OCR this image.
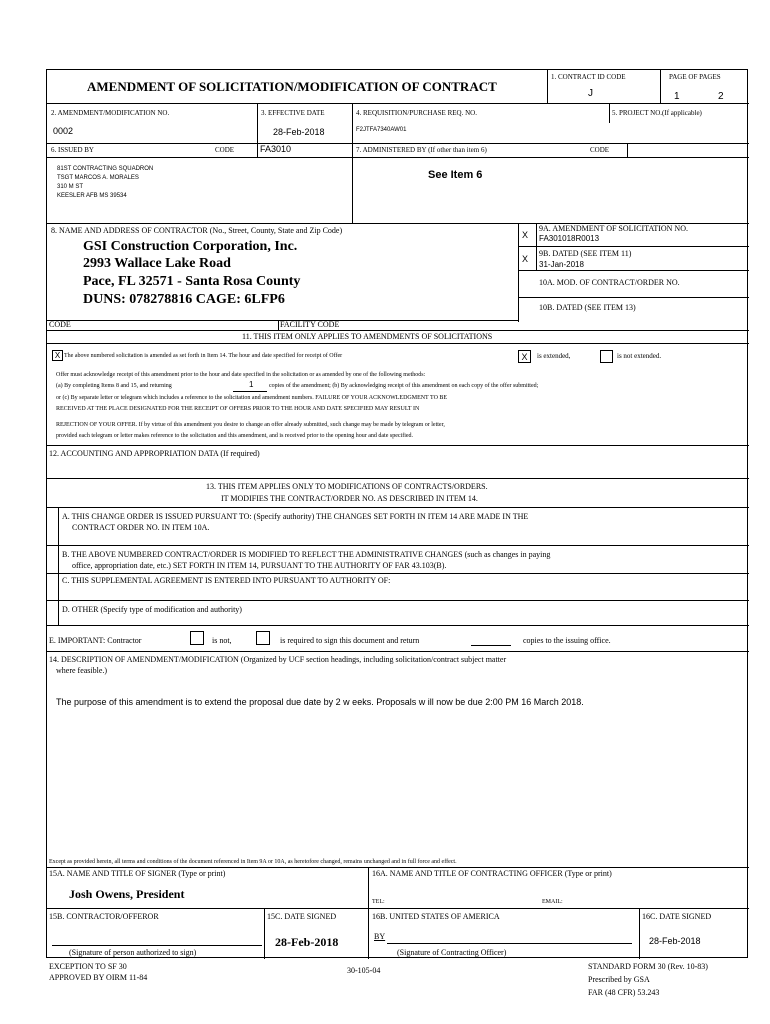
AMENDMENT OF SOLICITATION/MODIFICATION OF CONTRACT
1. CONTRACT ID CODE
J
PAGE OF PAGES
1	2
2. AMENDMENT/MODIFICATION NO.
0002
3. EFFECTIVE DATE
28-Feb-2018
4. REQUISITION/PURCHASE REQ. NO.
F2JTFA7340AW01
5. PROJECT NO.(If applicable)
6. ISSUED BY	CODE	FA3010
81ST CONTRACTING SQUADRON
TSGT MARCOS A. MORALES
310 M ST
KEESLER AFB MS 39534
7. ADMINISTERED BY (If other than item 6)	CODE
See Item 6
8. NAME AND ADDRESS OF CONTRACTOR (No., Street, County, State and Zip Code)
GSI Construction Corporation, Inc.
2993 Wallace Lake Road
Pace, FL 32571 - Santa Rosa County
DUNS: 078278816 CAGE: 6LFP6
X
9A. AMENDMENT OF SOLICITATION NO.
FA301018R0013
X
9B. DATED (SEE ITEM 11)
31-Jan-2018
10A. MOD. OF CONTRACT/ORDER NO.
10B. DATED (SEE ITEM 13)
CODE	FACILITY CODE
11. THIS ITEM ONLY APPLIES TO AMENDMENTS OF SOLICITATIONS
X The above numbered solicitation is amended as set forth in Item 14. The hour and date specified for receipt of Offer	X	is extended,	is not extended.
Offer must acknowledge receipt of this amendment prior to the hour and date specified in the solicitation or as amended by one of the following methods:
(a) By completing Items 8 and 15, and returning	1	copies of the amendment; (b) By acknowledging receipt of this amendment on each copy of the offer submitted;
or (c) By separate letter or telegram which includes a reference to the solicitation and amendment numbers. FAILURE OF YOUR ACKNOWLEDGMENT TO BE
RECEIVED AT THE PLACE DESIGNATED FOR THE RECEIPT OF OFFERS PRIOR TO THE HOUR AND DATE SPECIFIED MAY RESULT IN
REJECTION OF YOUR OFFER. If by virtue of this amendment you desire to change an offer already submitted, such change may be made by telegram or letter,
provided each telegram or letter makes reference to the solicitation and this amendment, and is received prior to the opening hour and date specified.
12. ACCOUNTING AND APPROPRIATION DATA (If required)
13. THIS ITEM APPLIES ONLY TO MODIFICATIONS OF CONTRACTS/ORDERS.
IT MODIFIES THE CONTRACT/ORDER NO. AS DESCRIBED IN ITEM 14.
A. THIS CHANGE ORDER IS ISSUED PURSUANT TO: (Specify authority) THE CHANGES SET FORTH IN ITEM 14 ARE MADE IN THE
CONTRACT ORDER NO. IN ITEM 10A.
B. THE ABOVE NUMBERED CONTRACT/ORDER IS MODIFIED TO REFLECT THE ADMINISTRATIVE CHANGES (such as changes in paying
office, appropriation date, etc.) SET FORTH IN ITEM 14, PURSUANT TO THE AUTHORITY OF FAR 43.103(B).
C. THIS SUPPLEMENTAL AGREEMENT IS ENTERED INTO PURSUANT TO AUTHORITY OF:
D. OTHER (Specify type of modification and authority)
E. IMPORTANT: Contractor	is not,	is required to sign this document and return	copies to the issuing office.
14. DESCRIPTION OF AMENDMENT/MODIFICATION (Organized by UCF section headings, including solicitation/contract subject matter
where feasible.)
The purpose of this amendment is to extend the proposal due date by 2 w eeks. Proposals w ill now be due 2:00 PM 16 March 2018.
Except as provided herein, all terms and conditions of the document referenced in Item 9A or 10A, as heretofore changed, remains unchanged and in full force and effect.
15A. NAME AND TITLE OF SIGNER (Type or print)
Josh Owens, President
16A. NAME AND TITLE OF CONTRACTING OFFICER (Type or print)
TEL:	EMAIL:
15B. CONTRACTOR/OFFEROR
(Signature of person authorized to sign)
15C. DATE SIGNED
28-Feb-2018
16B. UNITED STATES OF AMERICA
BY
(Signature of Contracting Officer)
16C. DATE SIGNED
28-Feb-2018
EXCEPTION TO SF 30
APPROVED BY OIRM 11-84
30-105-04	STANDARD FORM 30 (Rev. 10-83)
Prescribed by GSA
FAR (48 CFR) 53.243
